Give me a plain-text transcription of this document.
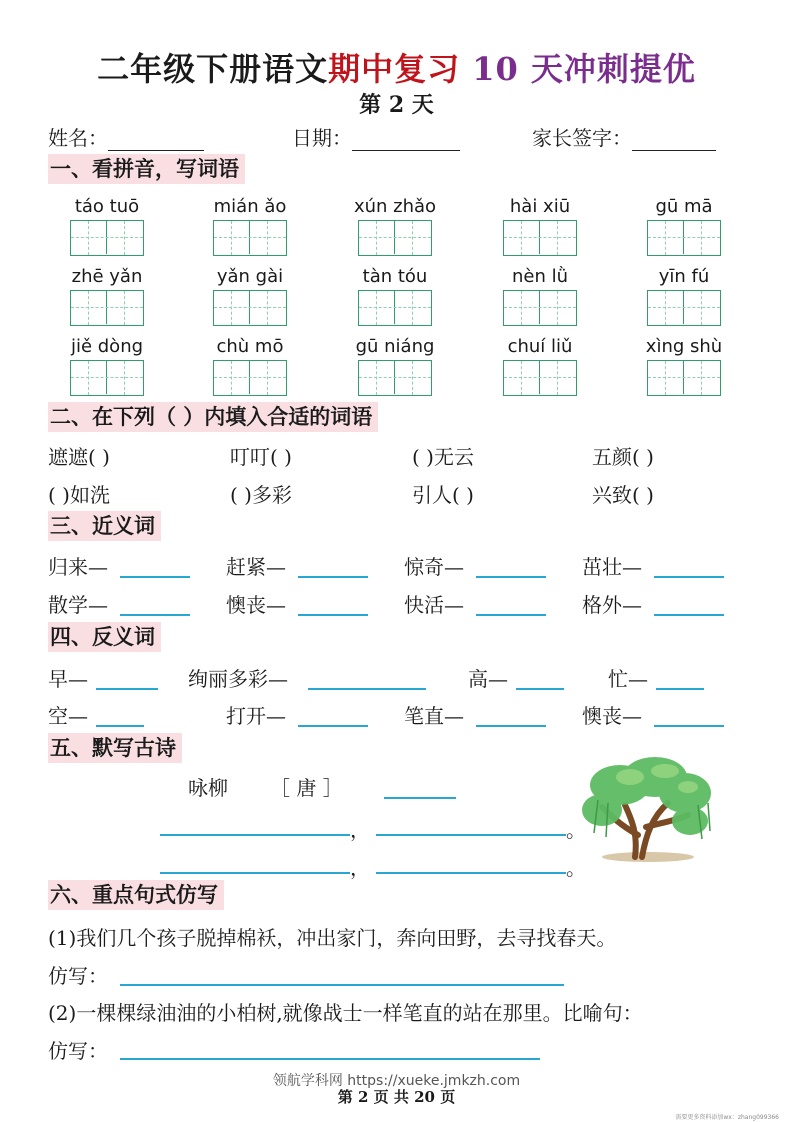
二年级下册语文期中复习 10 天冲刺提优
第 2 天
姓名：	日期：	家长签字：
一、看拼音，写词语
táo tuō	mián ǎo	xún zhǎo	hài xiū	gū mā
zhē yǎn	yǎn gài	tàn tóu	nèn lǜ	yīn fú
jiě dòng	chù mō	gū niáng	chuí liǔ	xìng shù
二、在下列（ ）内填入合适的词语
遮遮( )	叮叮( )	( )无云	五颜( )
( )如洗	( )多彩	引人( )	兴致( )
三、近义词
归来—	赶紧—	惊奇—	茁壮—
散学—	懊丧—	快活—	格外—
四、反义词
早—	绚丽多彩—	高—	忙—
空—	打开—	笔直—	懊丧—
五、默写古诗
咏柳 ［ 唐 ］
，	。
，	。
六、重点句式仿写
(1)我们几个孩子脱掉棉袄，冲出家门，奔向田野，去寻找春天。
仿写：
(2)一棵棵绿油油的小柏树,就像战士一样笔直的站在那里。比喻句：
仿写：
领航学科网 https://xueke.jmkzh.com
第 2 页 共 20 页
需要更多资料添加wx：zhang099366
